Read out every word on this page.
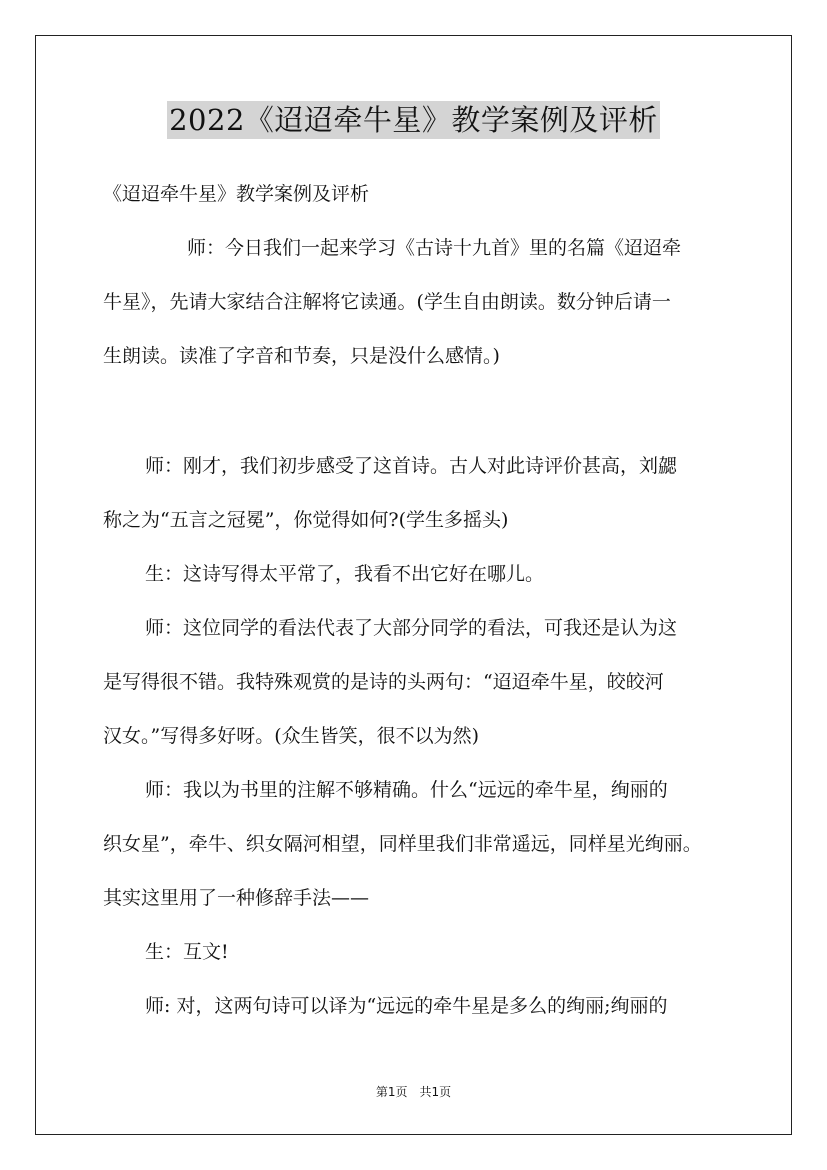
2022《迢迢牵牛星》教学案例及评析
《迢迢牵牛星》教学案例及评析
师：今日我们一起来学习《古诗十九首》里的名篇《迢迢牵
牛星》，先请大家结合注解将它读通。(学生自由朗读。数分钟后请一
生朗读。读准了字音和节奏，只是没什么感情。)
师：刚才，我们初步感受了这首诗。古人对此诗评价甚高，刘勰
称之为“五言之冠冕”，你觉得如何?(学生多摇头)
生：这诗写得太平常了，我看不出它好在哪儿。
师：这位同学的看法代表了大部分同学的看法，可我还是认为这
是写得很不错。我特殊观赏的是诗的头两句：“迢迢牵牛星，皎皎河
汉女。”写得多好呀。(众生皆笑，很不以为然)
师：我以为书里的注解不够精确。什么“远远的牵牛星，绚丽的
织女星”，牵牛、织女隔河相望，同样里我们非常遥远，同样星光绚丽。
其实这里用了一种修辞手法——
生：互文!
师: 对，这两句诗可以译为“远远的牵牛星是多么的绚丽;绚丽的
第1页　共1页
